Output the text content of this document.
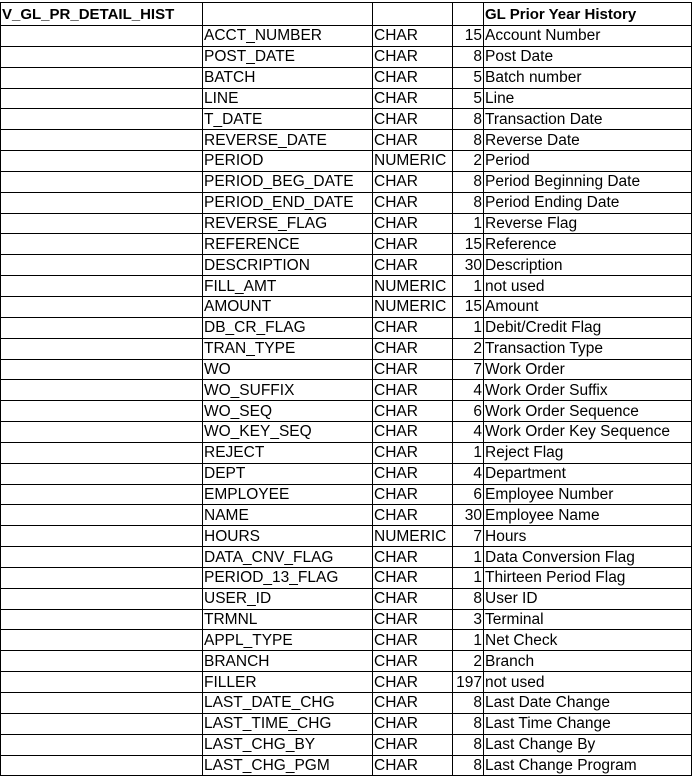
V_GL_PR_DETAIL_HIST				GL Prior Year History
	ACCT_NUMBER	CHAR	15	Account Number
	POST_DATE	CHAR	8	Post Date
	BATCH	CHAR	5	Batch number
	LINE	CHAR	5	Line
	T_DATE	CHAR	8	Transaction Date
	REVERSE_DATE	CHAR	8	Reverse Date
	PERIOD	NUMERIC	2	Period
	PERIOD_BEG_DATE	CHAR	8	Period Beginning Date
	PERIOD_END_DATE	CHAR	8	Period Ending Date
	REVERSE_FLAG	CHAR	1	Reverse Flag
	REFERENCE	CHAR	15	Reference
	DESCRIPTION	CHAR	30	Description
	FILL_AMT	NUMERIC	1	not used
	AMOUNT	NUMERIC	15	Amount
	DB_CR_FLAG	CHAR	1	Debit/Credit Flag
	TRAN_TYPE	CHAR	2	Transaction Type
	WO	CHAR	7	Work Order
	WO_SUFFIX	CHAR	4	Work Order Suffix
	WO_SEQ	CHAR	6	Work Order Sequence
	WO_KEY_SEQ	CHAR	4	Work Order Key Sequence
	REJECT	CHAR	1	Reject Flag
	DEPT	CHAR	4	Department
	EMPLOYEE	CHAR	6	Employee Number
	NAME	CHAR	30	Employee Name
	HOURS	NUMERIC	7	Hours
	DATA_CNV_FLAG	CHAR	1	Data Conversion Flag
	PERIOD_13_FLAG	CHAR	1	Thirteen Period Flag
	USER_ID	CHAR	8	User ID
	TRMNL	CHAR	3	Terminal
	APPL_TYPE	CHAR	1	Net Check
	BRANCH	CHAR	2	Branch
	FILLER	CHAR	197	not used
	LAST_DATE_CHG	CHAR	8	Last Date Change
	LAST_TIME_CHG	CHAR	8	Last Time Change
	LAST_CHG_BY	CHAR	8	Last Change By
	LAST_CHG_PGM	CHAR	8	Last Change Program
